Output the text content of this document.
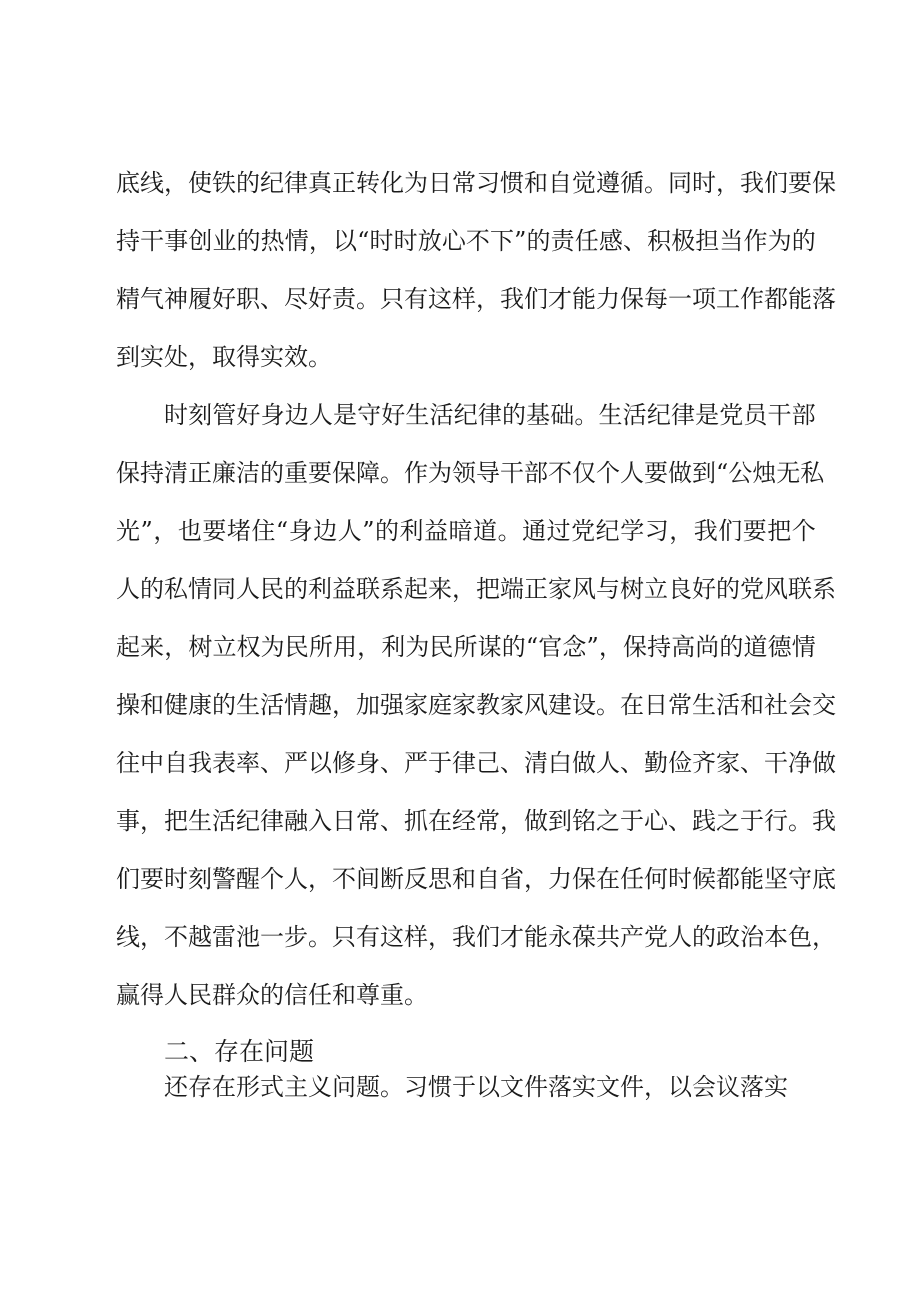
底 线 ， 使 铁 的 纪 律 真 正 转 化 为 日 常 习 惯 和 自 觉 遵 循 。 同 时 ， 我 们 要 保
持 干 事 创 业 的 热 情 ， 以 “ 时 时 放 心 不 下 ” 的 责 任 感 、 积 极 担 当 作 为 的
精 气 神 履 好 职 、 尽 好 责 。 只 有 这 样 ， 我 们 才 能 力 保 每 一 项 工 作 都 能 落
到实处，取得实效。
时 刻 管 好 身 边 人 是 守 好 生 活 纪 律 的 基 础 。 生 活 纪 律 是 党 员 干 部
保 持 清 正 廉 洁 的 重 要 保 障 。 作 为 领 导 干 部 不 仅 个 人 要 做 到 “ 公 烛 无 私
光 ” ， 也 要 堵 住 “ 身 边 人 ” 的 利 益 暗 道 。 通 过 党 纪 学 习 ， 我 们 要 把 个
人 的 私 情 同 人 民 的 利 益 联 系 起 来 ， 把 端 正 家 风 与 树 立 良 好 的 党 风 联 系
起 来 ， 树 立 权 为 民 所 用 ， 利 为 民 所 谋 的 “ 官 念 ” ， 保 持 高 尚 的 道 德 情
操 和 健 康 的 生 活 情 趣 ， 加 强 家 庭 家 教 家 风 建 设 。 在 日 常 生 活 和 社 会 交
往 中 自 我 表 率 、 严 以 修 身 、 严 于 律 己 、 清 白 做 人 、 勤 俭 齐 家 、 干 净 做
事 ， 把 生 活 纪 律 融 入 日 常 、 抓 在 经 常 ， 做 到 铭 之 于 心 、 践 之 于 行 。 我
们 要 时 刻 警 醒 个 人 ， 不 间 断 反 思 和 自 省 ， 力 保 在 任 何 时 候 都 能 坚 守 底
线 ， 不 越 雷 池 一 步 。 只 有 这 样 ， 我 们 才 能 永 葆 共 产 党 人 的 政 治 本 色 ，
赢得人民群众的信任和尊重。
二、存在问题
还存在形式主义问题。习惯于以文件落实文件，以会议落实
